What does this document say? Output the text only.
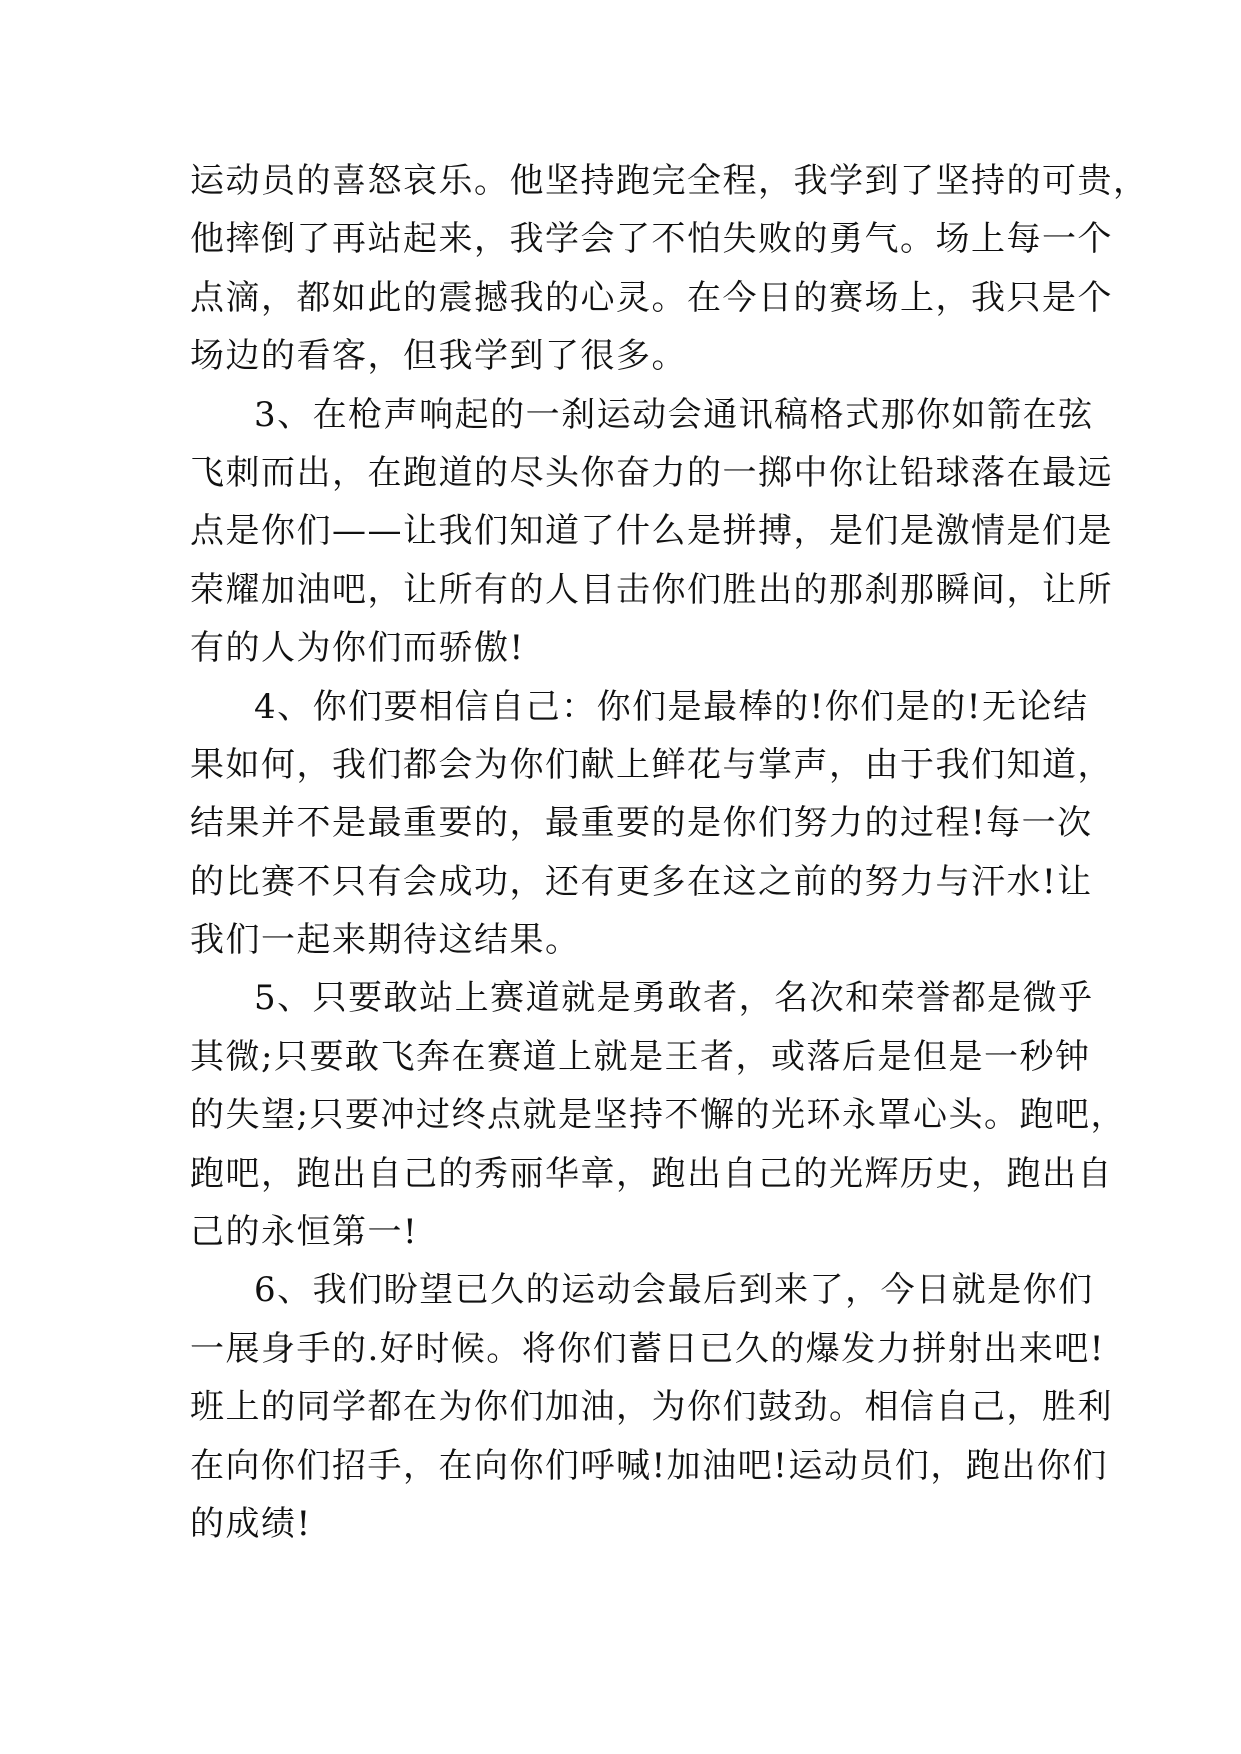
运动员的喜怒哀乐。他坚持跑完全程，我学到了坚持的可贵，
他摔倒了再站起来，我学会了不怕失败的勇气。场上每一个
点滴，都如此的震撼我的心灵。在今日的赛场上，我只是个
场边的看客，但我学到了很多。

3、在枪声响起的一刹运动会通讯稿格式那你如箭在弦
飞刺而出，在跑道的尽头你奋力的一掷中你让铅球落在最远
点是你们——让我们知道了什么是拼搏，是们是激情是们是
荣耀加油吧，让所有的人目击你们胜出的那刹那瞬间，让所
有的人为你们而骄傲!

4、你们要相信自己：你们是最棒的!你们是的!无论结
果如何，我们都会为你们献上鲜花与掌声，由于我们知道，
结果并不是最重要的，最重要的是你们努力的过程!每一次
的比赛不只有会成功，还有更多在这之前的努力与汗水!让
我们一起来期待这结果。

5、只要敢站上赛道就是勇敢者，名次和荣誉都是微乎
其微;只要敢飞奔在赛道上就是王者，或落后是但是一秒钟
的失望;只要冲过终点就是坚持不懈的光环永罩心头。跑吧，
跑吧，跑出自己的秀丽华章，跑出自己的光辉历史，跑出自
己的永恒第一!

6、我们盼望已久的运动会最后到来了，今日就是你们
一展身手的.好时候。将你们蓄日已久的爆发力拼射出来吧!
班上的同学都在为你们加油，为你们鼓劲。相信自己，胜利
在向你们招手，在向你们呼喊!加油吧!运动员们，跑出你们
的成绩!
